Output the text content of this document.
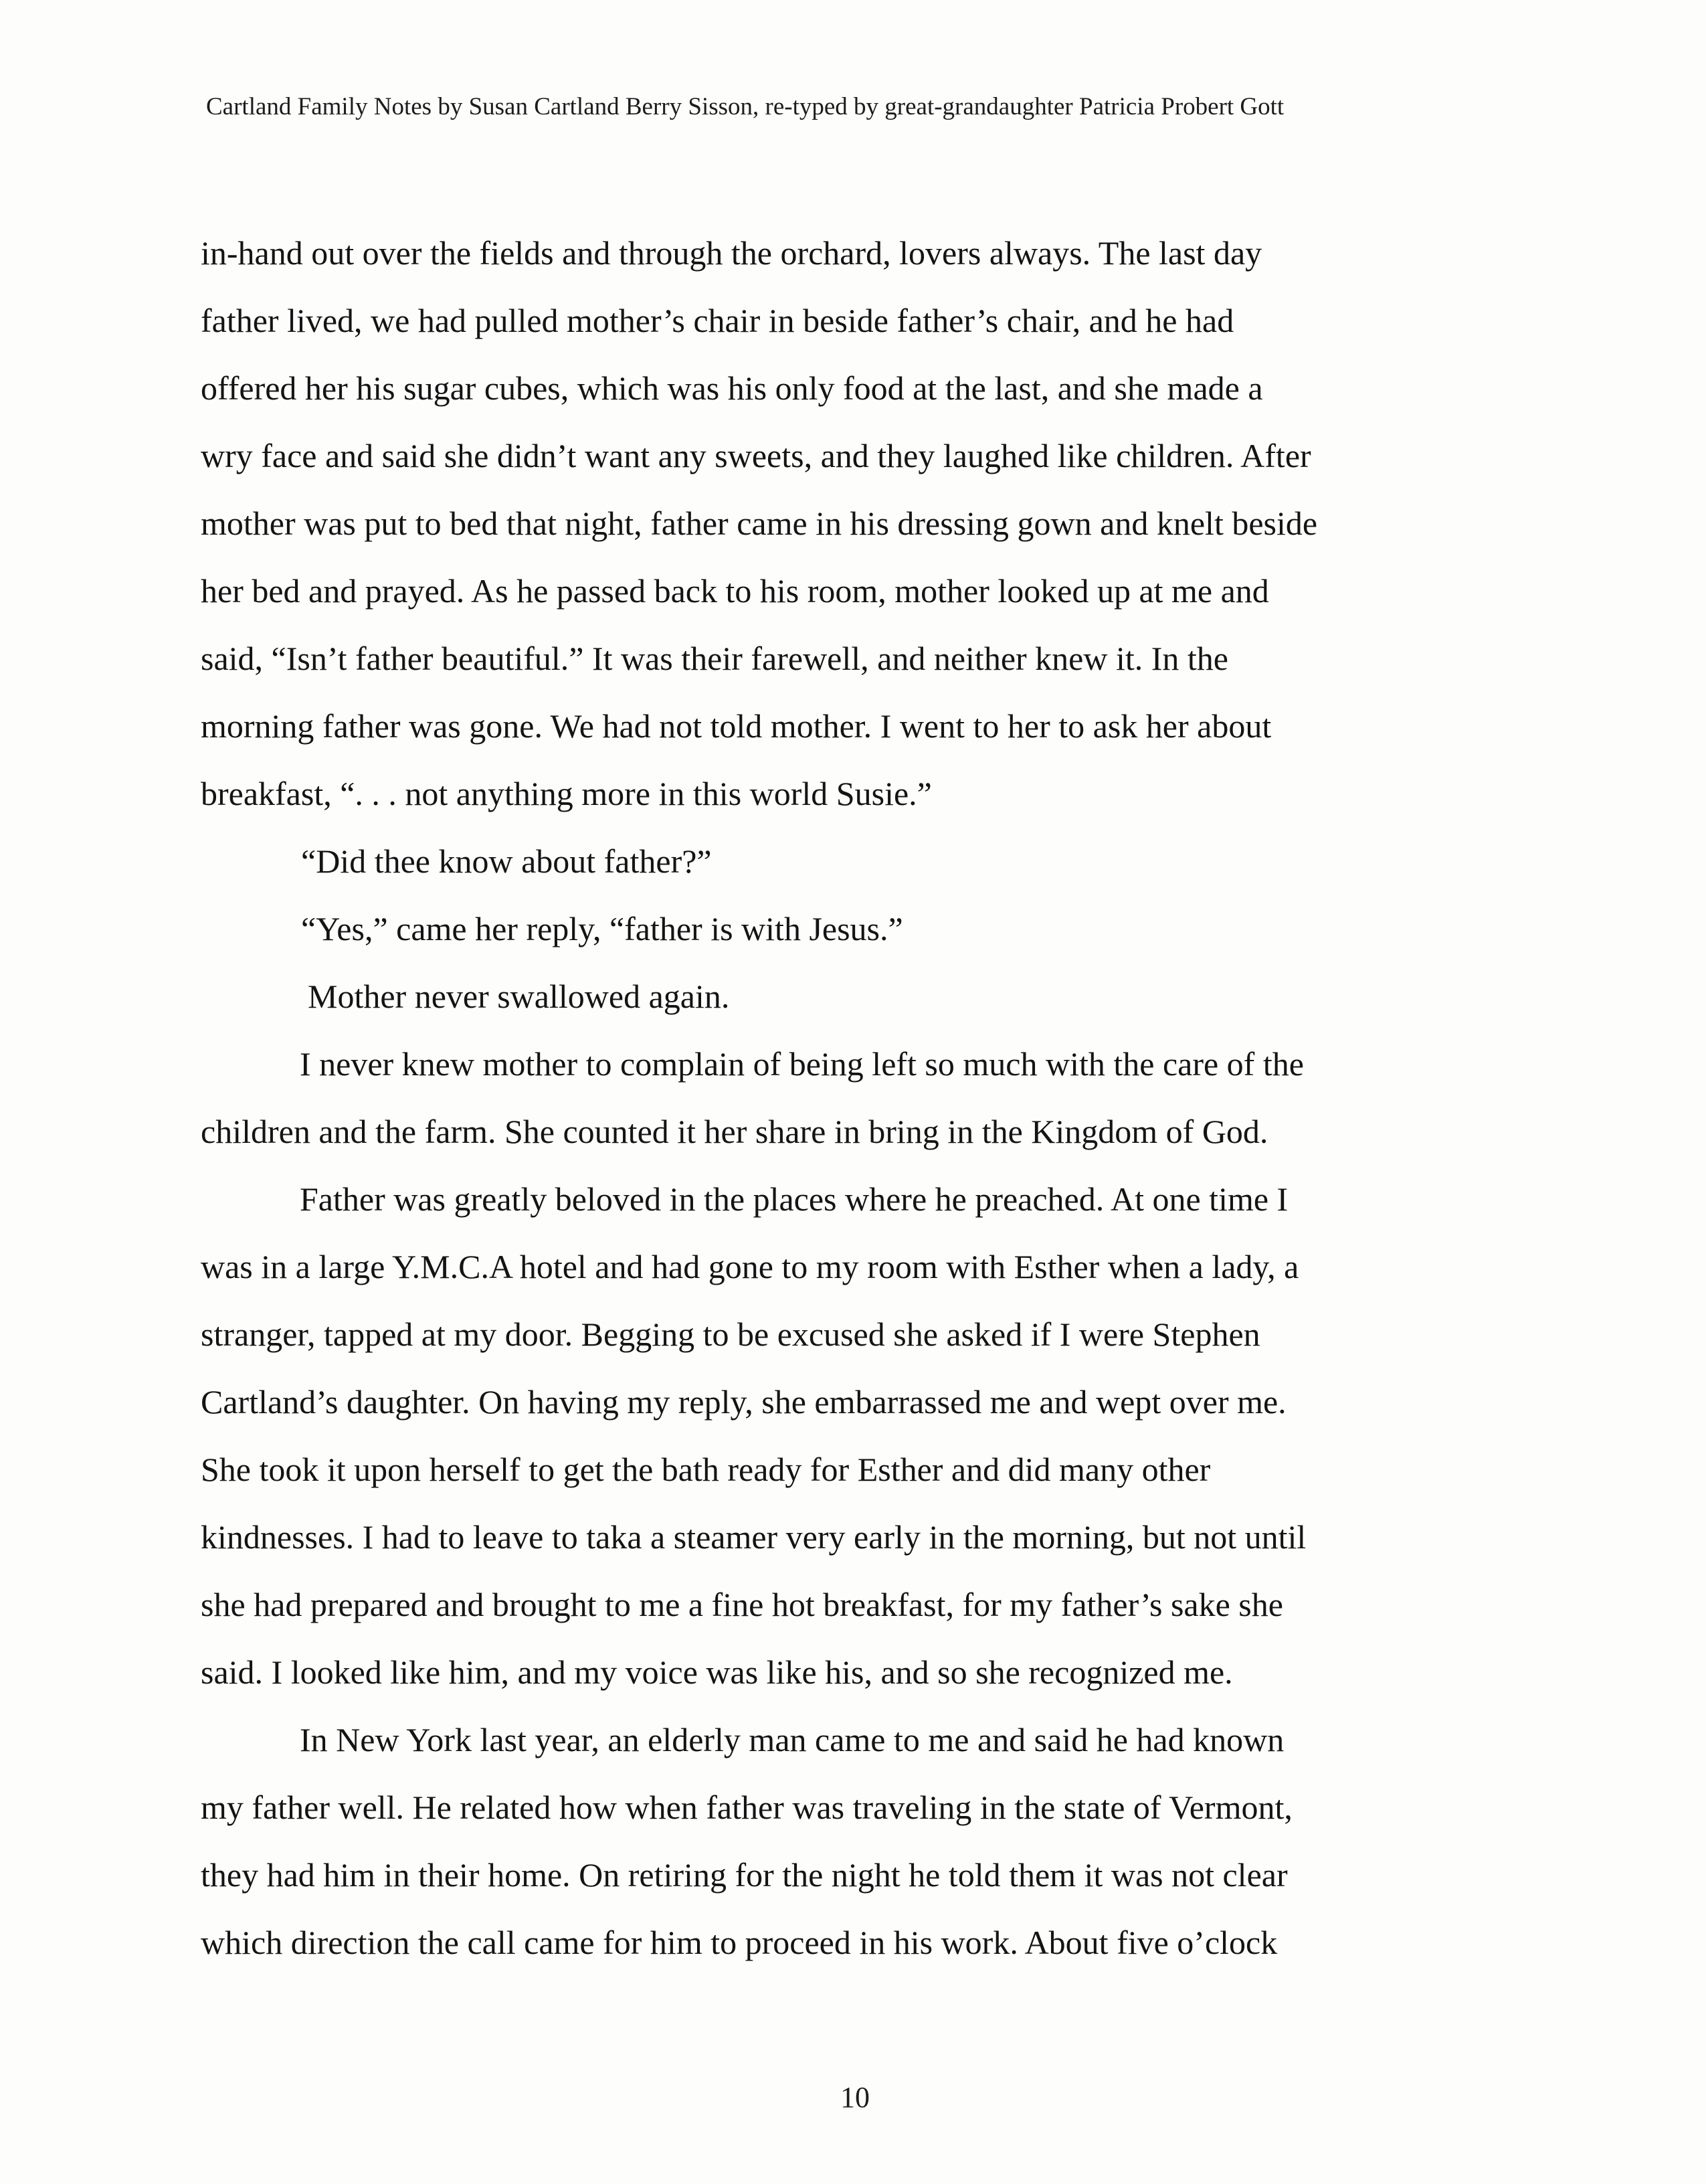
Cartland Family Notes by Susan Cartland Berry Sisson, re-typed by great-grandaughter Patricia Probert Gott
in-hand out over the fields and through the orchard, lovers always. The last day
father lived, we had pulled mother’s chair in beside father’s chair, and he had
offered her his sugar cubes, which was his only food at the last, and she made a
wry face and said she didn’t want any sweets, and they laughed like children. After
mother was put to bed that night, father came in his dressing gown and knelt beside
her bed and prayed. As he passed back to his room, mother looked up at me and
said, “Isn’t father beautiful.” It was their farewell, and neither knew it. In the
morning father was gone. We had not told mother. I went to her to ask her about
breakfast, “. . . not anything more in this world Susie.”
“Did thee know about father?”
“Yes,” came her reply, “father is with Jesus.”
Mother never swallowed again.
I never knew mother to complain of being left so much with the care of the
children and the farm. She counted it her share in bring in the Kingdom of God.
Father was greatly beloved in the places where he preached. At one time I
was in a large Y.M.C.A hotel and had gone to my room with Esther when a lady, a
stranger, tapped at my door. Begging to be excused she asked if I were Stephen
Cartland’s daughter. On having my reply, she embarrassed me and wept over me.
She took it upon herself to get the bath ready for Esther and did many other
kindnesses. I had to leave to taka a steamer very early in the morning, but not until
she had prepared and brought to me a fine hot breakfast, for my father’s sake she
said. I looked like him, and my voice was like his, and so she recognized me.
In New York last year, an elderly man came to me and said he had known
my father well. He related how when father was traveling in the state of Vermont,
they had him in their home. On retiring for the night he told them it was not clear
which direction the call came for him to proceed in his work. About five o’clock
10
